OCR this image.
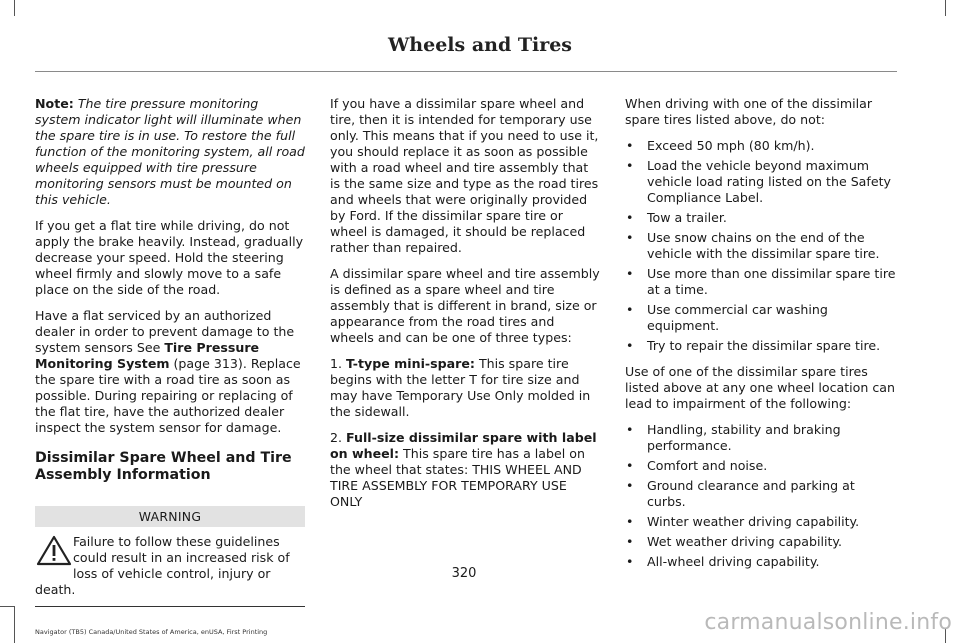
Wheels and Tires

Note: The tire pressure monitoring system indicator light will illuminate when the spare tire is in use. To restore the full function of the monitoring system, all road wheels equipped with tire pressure monitoring sensors must be mounted on this vehicle.

If you get a flat tire while driving, do not apply the brake heavily. Instead, gradually decrease your speed. Hold the steering wheel firmly and slowly move to a safe place on the side of the road.

Have a flat serviced by an authorized dealer in order to prevent damage to the system sensors See Tire Pressure Monitoring System (page 313). Replace the spare tire with a road tire as soon as possible. During repairing or replacing of the flat tire, have the authorized dealer inspect the system sensor for damage.

Dissimilar Spare Wheel and Tire Assembly Information
WARNING
Failure to follow these guidelines could result in an increased risk of loss of vehicle control, injury or death.

If you have a dissimilar spare wheel and tire, then it is intended for temporary use only. This means that if you need to use it, you should replace it as soon as possible with a road wheel and tire assembly that is the same size and type as the road tires and wheels that were originally provided by Ford. If the dissimilar spare tire or wheel is damaged, it should be replaced rather than repaired.

A dissimilar spare wheel and tire assembly is defined as a spare wheel and tire assembly that is different in brand, size or appearance from the road tires and wheels and can be one of three types:

1. T-type mini-spare: This spare tire begins with the letter T for tire size and may have Temporary Use Only molded in the sidewall.

2. Full-size dissimilar spare with label on wheel: This spare tire has a label on the wheel that states: THIS WHEEL AND TIRE ASSEMBLY FOR TEMPORARY USE ONLY

When driving with one of the dissimilar spare tires listed above, do not:

• Exceed 50 mph (80 km/h).
• Load the vehicle beyond maximum vehicle load rating listed on the Safety Compliance Label.
• Tow a trailer.
• Use snow chains on the end of the vehicle with the dissimilar spare tire.
• Use more than one dissimilar spare tire at a time.
• Use commercial car washing equipment.
• Try to repair the dissimilar spare tire.

Use of one of the dissimilar spare tires listed above at any one wheel location can lead to impairment of the following:

• Handling, stability and braking performance.
• Comfort and noise.
• Ground clearance and parking at curbs.
• Winter weather driving capability.
• Wet weather driving capability.
• All-wheel driving capability.
320
Navigator (TB5) Canada/United States of America, enUSA, First Printing	carmanualsonline.info
